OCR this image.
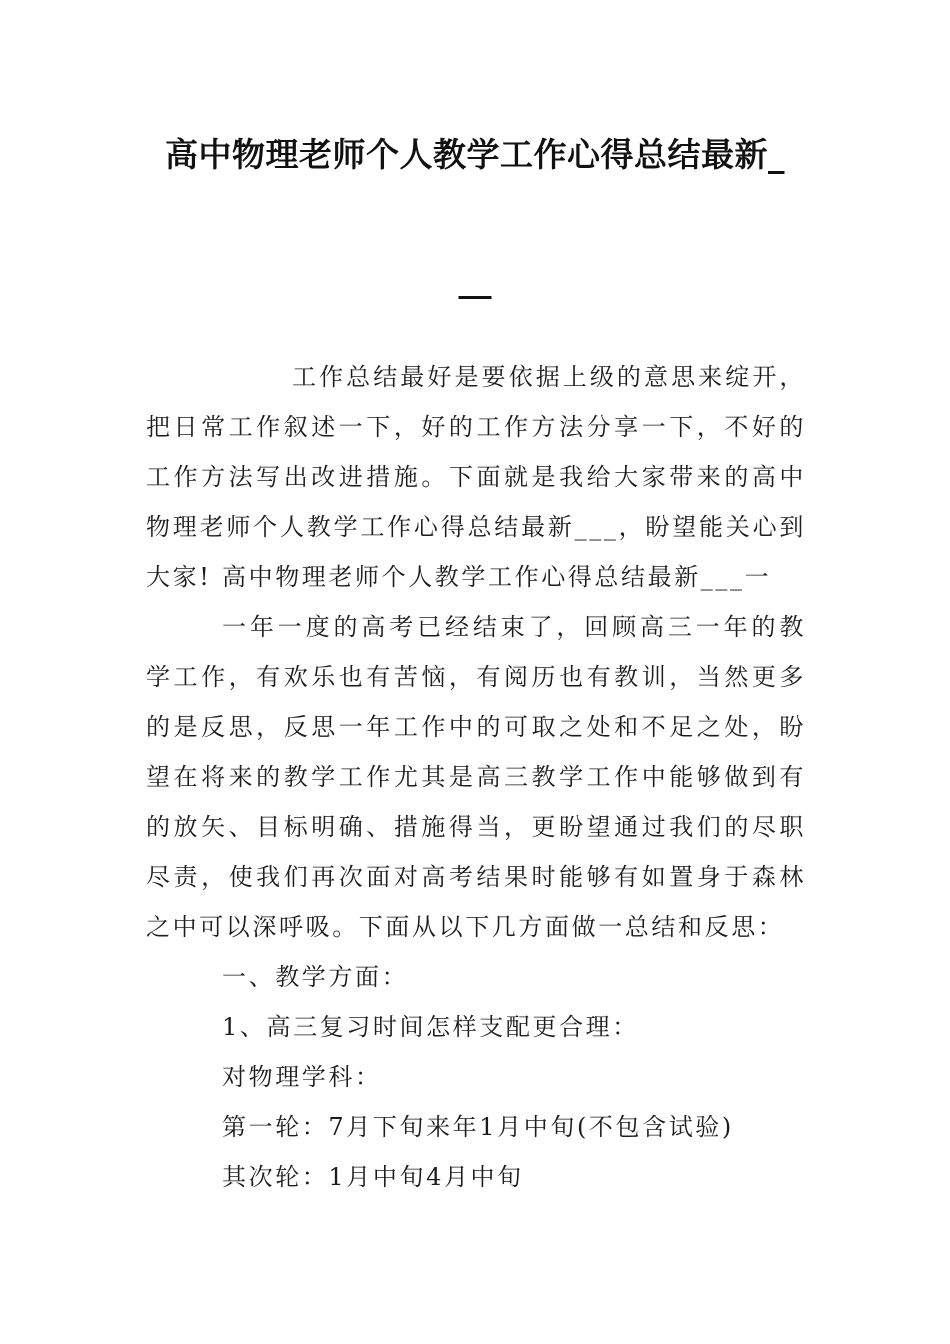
高中物理老师个人教学工作心得总结最新_
__
工作总结最好是要依据上级的意思来绽开，把日常工作叙述一下，好的工作方法分享一下，不好的工作方法写出改进措施。下面就是我给大家带来的高中物理老师个人教学工作心得总结最新___，盼望能关心到大家! 高中物理老师个人教学工作心得总结最新___一
一年一度的高考已经结束了，回顾高三一年的教学工作，有欢乐也有苦恼，有阅历也有教训，当然更多的是反思，反思一年工作中的可取之处和不足之处，盼望在将来的教学工作尤其是高三教学工作中能够做到有的放矢、目标明确、措施得当，更盼望通过我们的尽职尽责，使我们再次面对高考结果时能够有如置身于森林之中可以深呼吸。下面从以下几方面做一总结和反思：
一、教学方面：
1、高三复习时间怎样支配更合理：
对物理学科：
第一轮：7月下旬来年1月中旬(不包含试验)
其次轮：1月中旬4月中旬
